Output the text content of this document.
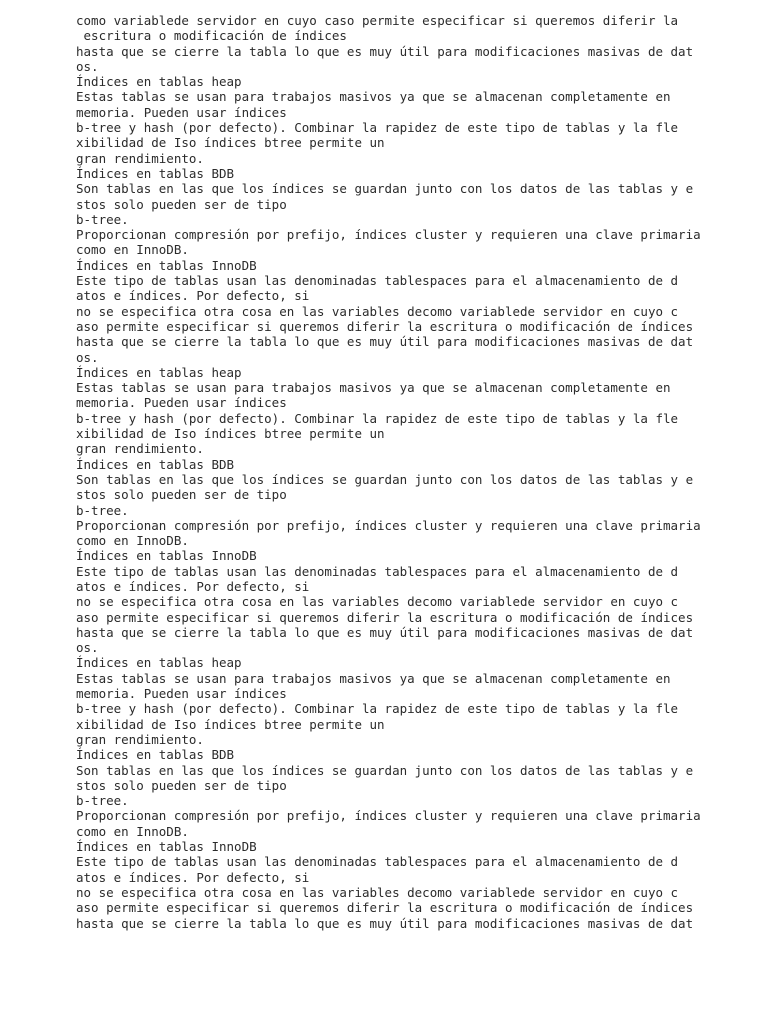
como variablede servidor en cuyo caso permite especificar si queremos diferir la
escritura o modificación de índices
hasta que se cierre la tabla lo que es muy útil para modificaciones masivas de dat
os.
Índices en tablas heap
Estas tablas se usan para trabajos masivos ya que se almacenan completamente en
memoria. Pueden usar índices
b-tree y hash (por defecto). Combinar la rapidez de este tipo de tablas y la fle
xibilidad de Iso índices btree permite un
gran rendimiento.
Índices en tablas BDB
Son tablas en las que los índices se guardan junto con los datos de las tablas y e
stos solo pueden ser de tipo
b-tree.
Proporcionan compresión por prefijo, índices cluster y requieren una clave primaria
como en InnoDB.
Índices en tablas InnoDB
Este tipo de tablas usan las denominadas tablespaces para el almacenamiento de d
atos e índices. Por defecto, si
no se especifica otra cosa en las variables decomo variablede servidor en cuyo c
aso permite especificar si queremos diferir la escritura o modificación de índices
hasta que se cierre la tabla lo que es muy útil para modificaciones masivas de dat
os.
Índices en tablas heap
Estas tablas se usan para trabajos masivos ya que se almacenan completamente en
memoria. Pueden usar índices
b-tree y hash (por defecto). Combinar la rapidez de este tipo de tablas y la fle
xibilidad de Iso índices btree permite un
gran rendimiento.
Índices en tablas BDB
Son tablas en las que los índices se guardan junto con los datos de las tablas y e
stos solo pueden ser de tipo
b-tree.
Proporcionan compresión por prefijo, índices cluster y requieren una clave primaria
como en InnoDB.
Índices en tablas InnoDB
Este tipo de tablas usan las denominadas tablespaces para el almacenamiento de d
atos e índices. Por defecto, si
no se especifica otra cosa en las variables decomo variablede servidor en cuyo c
aso permite especificar si queremos diferir la escritura o modificación de índices
hasta que se cierre la tabla lo que es muy útil para modificaciones masivas de dat
os.
Índices en tablas heap
Estas tablas se usan para trabajos masivos ya que se almacenan completamente en
memoria. Pueden usar índices
b-tree y hash (por defecto). Combinar la rapidez de este tipo de tablas y la fle
xibilidad de Iso índices btree permite un
gran rendimiento.
Índices en tablas BDB
Son tablas en las que los índices se guardan junto con los datos de las tablas y e
stos solo pueden ser de tipo
b-tree.
Proporcionan compresión por prefijo, índices cluster y requieren una clave primaria
como en InnoDB.
Índices en tablas InnoDB
Este tipo de tablas usan las denominadas tablespaces para el almacenamiento de d
atos e índices. Por defecto, si
no se especifica otra cosa en las variables decomo variablede servidor en cuyo c
aso permite especificar si queremos diferir la escritura o modificación de índices
hasta que se cierre la tabla lo que es muy útil para modificaciones masivas de dat
